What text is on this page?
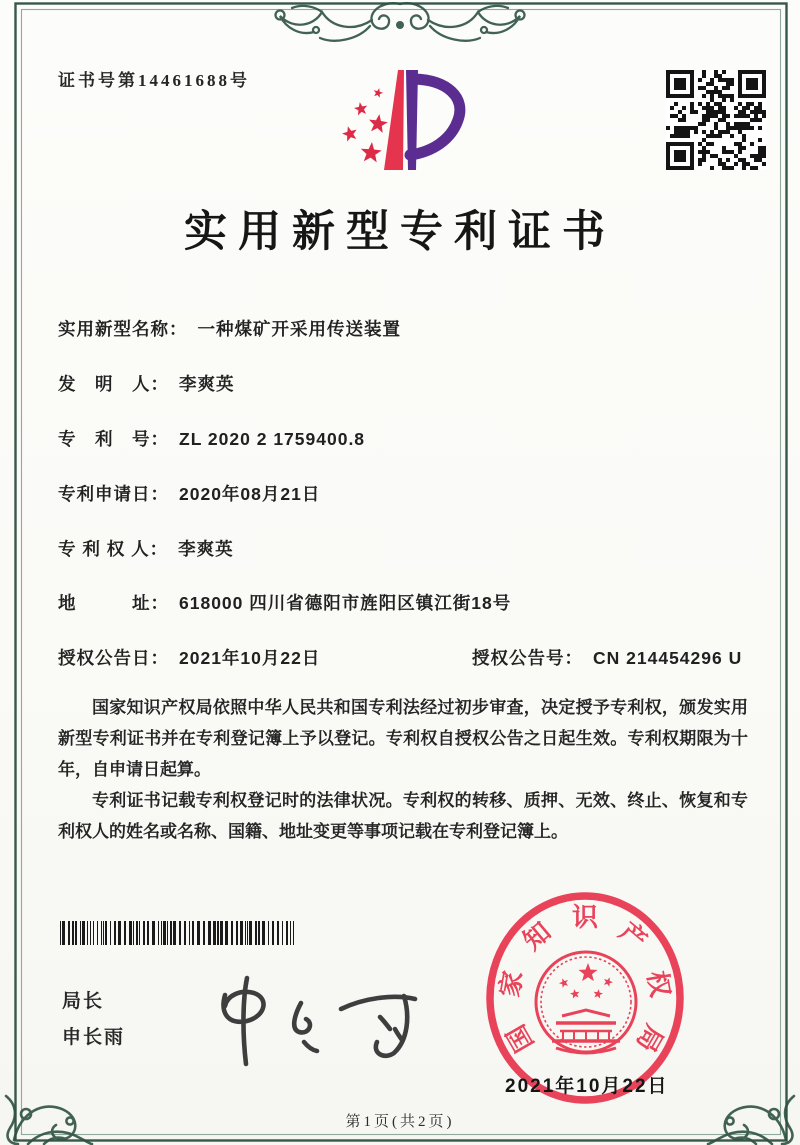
国
家
知 识 产
权
局
证书号第14461688号
实用新型专利证书
实用新型名称： 一种煤矿开采用传送装置
发　明　人： 李爽英
专　利　号： ZL 2020 2 1759400.8
专利申请日： 2020年08月21日
专 利 权 人： 李爽英
地　　　址： 618000 四川省德阳市旌阳区镇江街18号
授权公告日： 2021年10月22日	授权公告号： CN 214454296 U

国家知识产权局依照中华人民共和国专利法经过初步审查，决定授予专利权，颁发实用新型专利证书并在专利登记簿上予以登记。专利权自授权公告之日起生效。专利权期限为十年，自申请日起算。

专利证书记载专利权登记时的法律状况。专利权的转移、质押、无效、终止、恢复和专利权人的姓名或名称、国籍、地址变更等事项记载在专利登记簿上。

局长
申长雨
2021年10月22日
第1页(共2页)
